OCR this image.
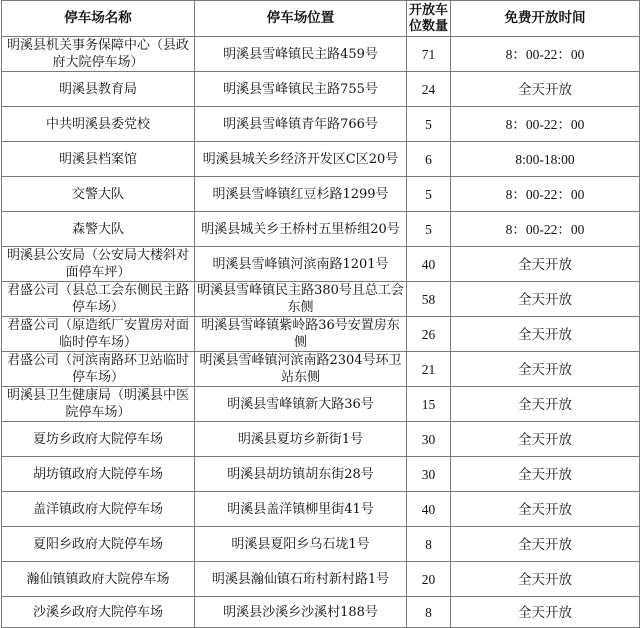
停车场名称	停车场位置	开放车位数量	免费开放时间
明溪县机关事务保障中心（县政府大院停车场）	明溪县雪峰镇民主路459号	71	8：00-22：00
明溪县教育局	明溪县雪峰镇民主路755号	24	全天开放
中共明溪县委党校	明溪县雪峰镇青年路766号	5	8：00-22：00
明溪县档案馆	明溪县城关乡经济开发区C区20号	6	8:00-18:00
交警大队	明溪县雪峰镇红豆杉路1299号	5	8：00-22：00
森警大队	明溪县城关乡王桥村五里桥组20号	5	8：00-22：00
明溪县公安局（公安局大楼斜对面停车坪）	明溪县雪峰镇河滨南路1201号	40	全天开放
君盛公司（县总工会东侧民主路停车场）	明溪县雪峰镇民主路380号且总工会东侧	58	全天开放
君盛公司（原造纸厂安置房对面临时停车场）	明溪县雪峰镇紫岭路36号安置房东侧	26	全天开放
君盛公司（河滨南路环卫站临时停车场）	明溪县雪峰镇河滨南路2304号环卫站东侧	21	全天开放
明溪县卫生健康局（明溪县中医院停车场）	明溪县雪峰镇新大路36号	15	全天开放
夏坊乡政府大院停车场	明溪县夏坊乡新街1号	30	全天开放
胡坊镇政府大院停车场	明溪县胡坊镇胡东街28号	30	全天开放
盖洋镇政府大院停车场	明溪县盖洋镇柳里街41号	40	全天开放
夏阳乡政府大院停车场	明溪县夏阳乡乌石垅1号	8	全天开放
瀚仙镇镇政府大院停车场	明溪县瀚仙镇石珩村新村路1号	20	全天开放
沙溪乡政府大院停车场	明溪县沙溪乡沙溪村188号	8	全天开放
